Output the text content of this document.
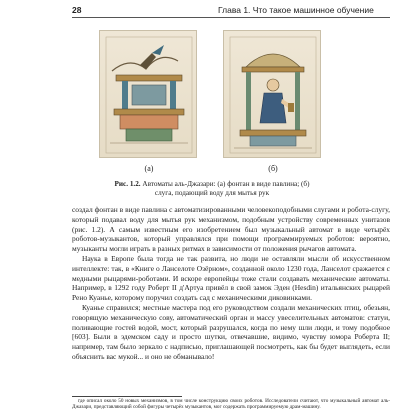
28	Глава 1. Что такое машинное обучение
(а)	(б)
Рис. 1.2. Автоматы аль-Джазари: (а) фонтан в виде павлина; (б) слуга, подающий воду для мытья рук

создал фонтан в виде павлина с автоматизированными человекоподобными слугами и робота-слугу, который подавал воду для мытья рук механизмом, подобным устройству современных унитазов (рис. 1.2). А самым известным его изобретением был музыкальный автомат в виде четырёх роботов-музыкантов, который управлялся при помощи программируемых роботов: вероятно, музыканты могли играть в разных ритмах в зависимости от положения рычагов автомата.

Наука в Европе была тогда не так развита, но люди не оставляли мысли об искусственном интеллекте: так, в «Книге о Ланселоте Озёрном», созданной около 1230 года, Ланселот сражается с медными рыцарями-роботами. И вскоре европейцы тоже стали создавать механические автоматы. Например, в 1292 году Роберт II д'Артуа привёл в свой замок Эден (Hesdin) итальянских рыцарей Рено Куанье, которому поручил создать сад с механическими диковинками.

Куанье справился; местные мастера под его руководством создали механических птиц, обезьян, говорящую механическую сову, автоматический орган и массу увеселительных автоматов: статуи, поливающие гостей водой, мост, который разрушался, когда по нему шли люди, и тому подобное [603]. Были в эдемском саду и просто шутки, отвечавшие, видимо, чувству юмора Роберта II; например, там было зеркало с надписью, приглашающей посмотреть, как бы будет выглядеть, если объяснить вас мукой... и оно не обманывало!

где описал около 50 новых механизмов, в том числе конструкцию своих роботов. Исследователи считают, что музыкальный автомат аль-Джазари, представляющий собой фигуры четырёх музыкантов, мог содержать программируемую драм-машину.
